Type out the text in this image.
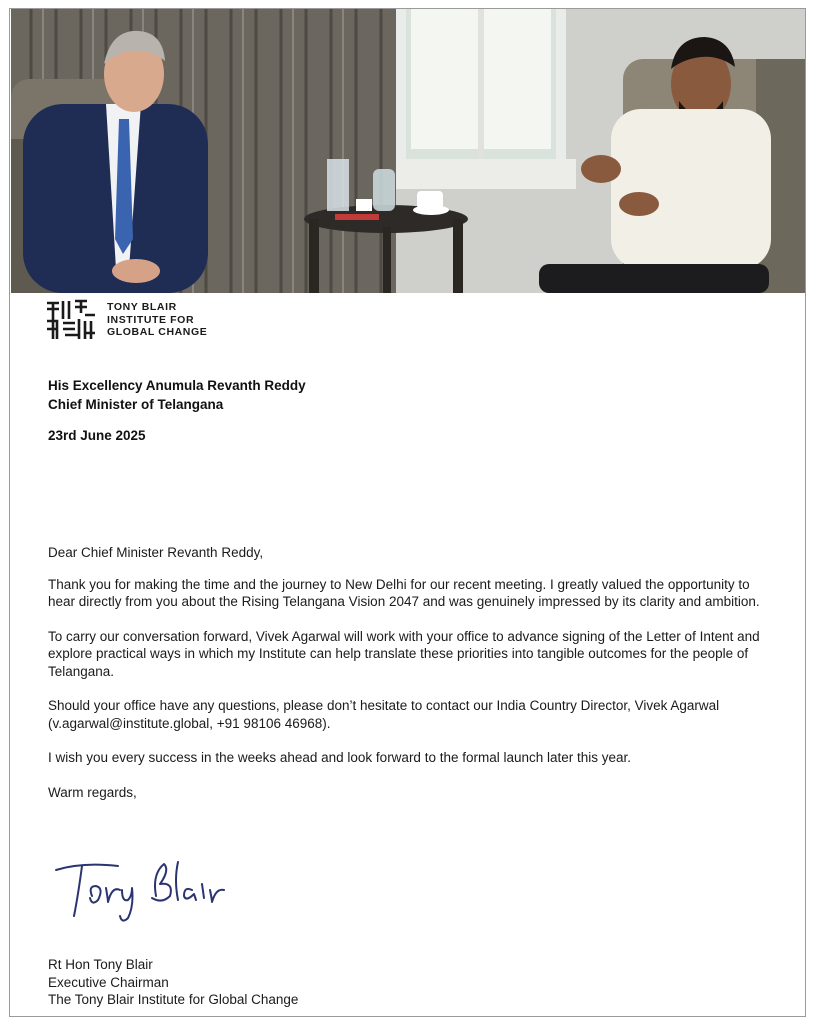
TONY BLAIR
INSTITUTE FOR
GLOBAL CHANGE
His Excellency Anumula Revanth Reddy
Chief Minister of Telangana
23rd June 2025

Dear Chief Minister Revanth Reddy,

Thank you for making the time and the journey to New Delhi for our recent meeting. I greatly valued the opportunity to hear directly from you about the Rising Telangana Vision 2047 and was genuinely impressed by its clarity and ambition.

To carry our conversation forward, Vivek Agarwal will work with your office to advance signing of the Letter of Intent and explore practical ways in which my Institute can help translate these priorities into tangible outcomes for the people of Telangana.

Should your office have any questions, please don’t hesitate to contact our India Country Director, Vivek Agarwal (v.agarwal@institute.global, +91 98106 46968).

I wish you every success in the weeks ahead and look forward to the formal launch later this year.

Warm regards,

Rt Hon Tony Blair
Executive Chairman
The Tony Blair Institute for Global Change
